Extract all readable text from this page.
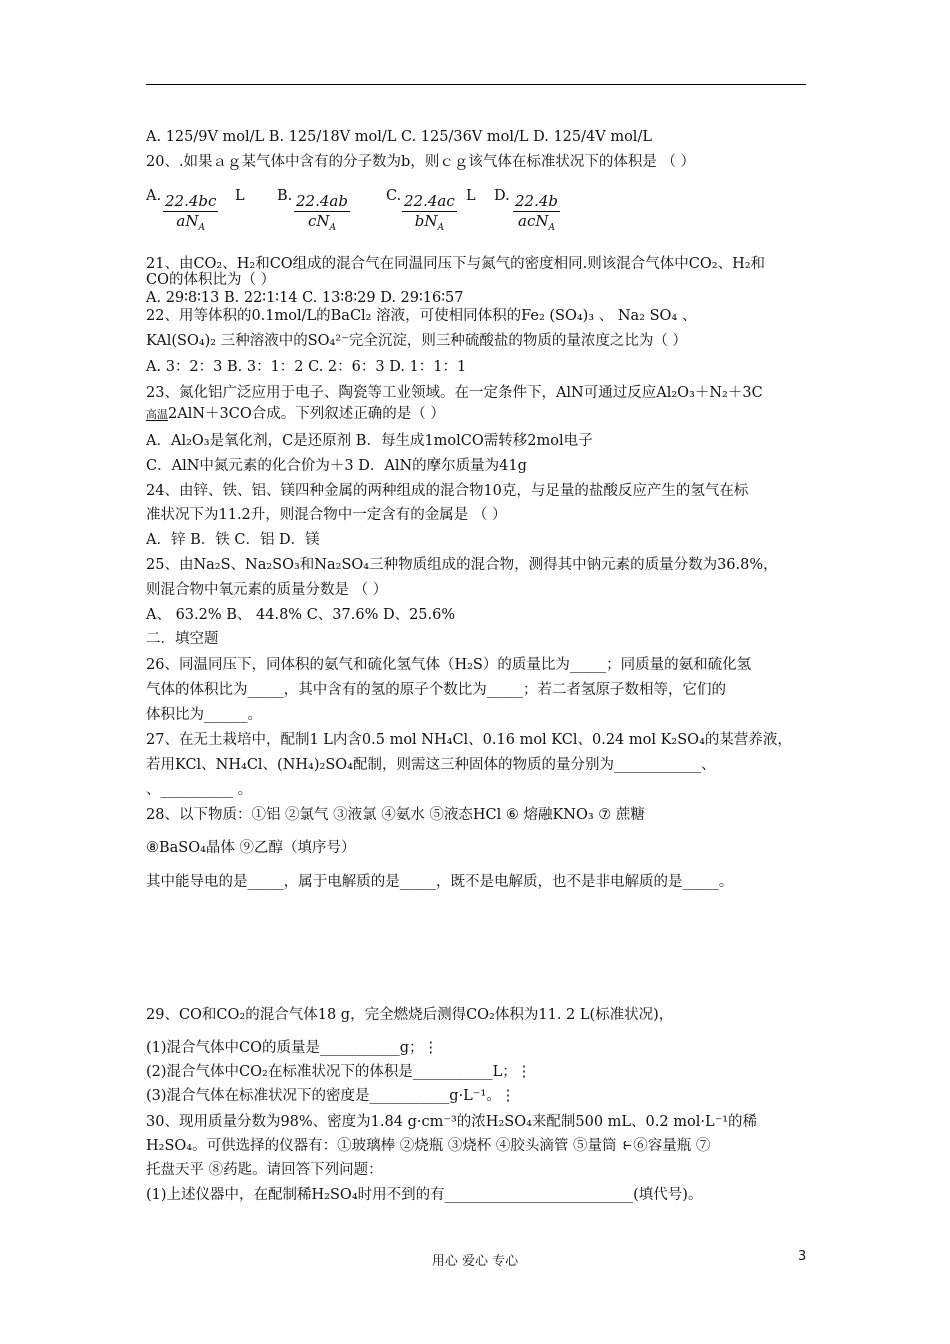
A. 125/9V mol/L B. 125/18V mol/L C. 125/36V mol/L D. 125/4V mol/L
20、.如果ａｇ某气体中含有的分子数为b，则ｃｇ该气体在标准状况下的体积是 （ ）
A. 22.4bc
$aN_A$
L B. 22.4ab
$cN_A$
C. 22.4ac
$bN_A$
L D. 22.4b
acN$_A$
21、由CO₂、H₂和CO组成的混合气在同温同压下与氮气的密度相同.则该混合气体中CO₂、H₂和
CO的体积比为（ ）
A. 29∶8∶13 B. 22∶1∶14 C. 13∶8∶29 D. 29∶16∶57
22、用等体积的0.1mol/L的BaCl₂ 溶液，可使相同体积的Fe₂ (SO₄)₃ 、 Na₂ SO₄ 、
KAl(SO₄)₂ 三种溶液中的SO₄²⁻完全沉淀，则三种硫酸盐的物质的量浓度之比为（ ）
A. 3：2：3 B. 3：1：2 C. 2：6：3 D. 1：1：1
23、氮化铝广泛应用于电子、陶瓷等工业领域。在一定条件下，AlN可通过反应Al₂O₃＋N₂＋3C
高温2AlN＋3CO合成。下列叙述正确的是（ ）
A．Al₂O₃是氧化剂，C是还原剂 B．每生成1molCO需转移2mol电子
C．AlN中氮元素的化合价为＋3 D．AlN的摩尔质量为41g
24、由锌、铁、铝、镁四种金属的两种组成的混合物10克，与足量的盐酸反应产生的氢气在标
准状况下为11.2升，则混合物中一定含有的金属是 （ ）
A．锌 B．铁 C．铝 D．镁
25、由Na₂S、Na₂SO₃和Na₂SO₄三种物质组成的混合物，测得其中钠元素的质量分数为36.8%，
则混合物中氧元素的质量分数是 （ ）
A、 63.2% B、 44.8% C、37.6% D、25.6%
二．填空题
26、同温同压下，同体积的氨气和硫化氢气体（H₂S）的质量比为_____；同质量的氨和硫化氢
气体的体积比为_____，其中含有的氢的原子个数比为_____；若二者氢原子数相等，它们的
体积比为______。
27、在无土栽培中，配制1 L内含0.5 mol NH₄Cl、0.16 mol KCl、0.24 mol K₂SO₄的某营养液，
若用KCl、NH₄Cl、(NH₄)₂SO₄配制，则需这三种固体的物质的量分别为____________、
、__________ 。
28、以下物质：①铝 ②氯气 ③液氯 ④氨水 ⑤液态HCl ⑥ 熔融KNO₃ ⑦ 蔗糖
⑧BaSO₄晶体 ⑨乙醇（填序号）
其中能导电的是_____，属于电解质的是_____，既不是电解质，也不是非电解质的是_____。
29、CO和CO₂的混合气体18 g，完全燃烧后测得CO₂体积为11. 2 L(标准状况)，
(1)混合气体中CO的质量是___________g；⋮
(2)混合气体中CO₂在标准状况下的体积是___________L；⋮
(3)混合气体在标准状况下的密度是___________g·L⁻¹。⋮
30、现用质量分数为98%、密度为1.84 g·cm⁻³的浓H₂SO₄来配制500 mL、0.2 mol·L⁻¹的稀
H₂SO₄。可供选择的仪器有：①玻璃棒 ②烧瓶 ③烧杯 ④胶头滴管 ⑤量筒 ⥼⑥容量瓶 ⑦
托盘天平 ⑧药匙。请回答下列问题：
(1)上述仪器中，在配制稀H₂SO₄时用不到的有__________________________(填代号)。
用心 爱心 专心	3
